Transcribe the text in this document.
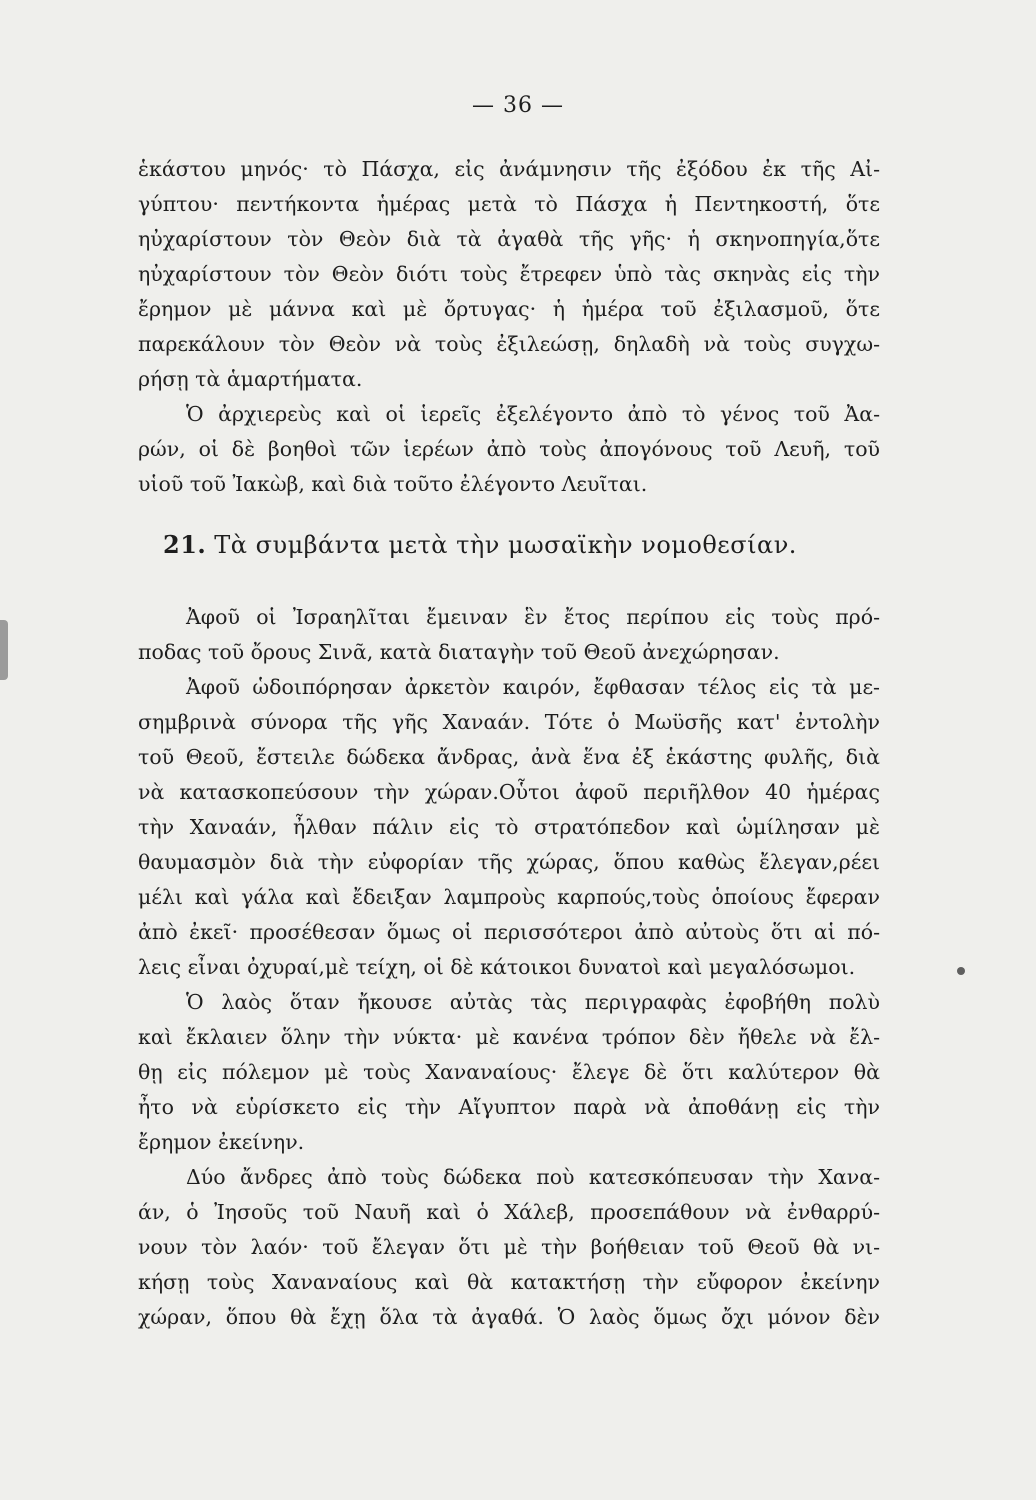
— 36 —
ἑκάστου μηνός· τὸ Πάσχα, εἰς ἀνάμνησιν τῆς ἐξόδου ἐκ τῆς Αἰ-
γύπτου· πεντήκοντα ἡμέρας μετὰ τὸ Πάσχα ἡ Πεντηκοστή, ὅτε
ηὐχαρίστουν τὸν Θεὸν διὰ τὰ ἀγαθὰ τῆς γῆς· ἡ σκηνοπηγία,ὅτε
ηὐχαρίστουν τὸν Θεὸν διότι τοὺς ἔτρεφεν ὑπὸ τὰς σκηνὰς εἰς τὴν
ἔρημον μὲ μάννα καὶ μὲ ὄρτυγας· ἡ ἡμέρα τοῦ ἐξιλασμοῦ, ὅτε
παρεκάλουν τὸν Θεὸν νὰ τοὺς ἐξιλεώσῃ, δηλαδὴ νὰ τοὺς συγχω-
ρήσῃ τὰ ἁμαρτήματα.
Ὁ ἀρχιερεὺς καὶ οἱ ἱερεῖς ἐξελέγοντο ἀπὸ τὸ γένος τοῦ Ἀα-
ρών, οἱ δὲ βοηθοὶ τῶν ἱερέων ἀπὸ τοὺς ἀπογόνους τοῦ Λευῆ, τοῦ
υἱοῦ τοῦ Ἰακὼβ, καὶ διὰ τοῦτο ἐλέγοντο Λευῖται.
21. Τὰ συμβάντα μετὰ τὴν μωσαϊκὴν νομοθεσίαν.
Ἀφοῦ οἱ Ἰσραηλῖται ἔμειναν ἓν ἔτος περίπου εἰς τοὺς πρό-
ποδας τοῦ ὄρους Σινᾶ, κατὰ διαταγὴν τοῦ Θεοῦ ἀνεχώρησαν.
Ἀφοῦ ὡδοιπόρησαν ἀρκετὸν καιρόν, ἔφθασαν τέλος εἰς τὰ με-
σημβρινὰ σύνορα τῆς γῆς Χαναάν. Τότε ὁ Μωϋσῆς κατ' ἐντολὴν
τοῦ Θεοῦ, ἔστειλε δώδεκα ἄνδρας, ἀνὰ ἕνα ἐξ ἑκάστης φυλῆς, διὰ
νὰ κατασκοπεύσουν τὴν χώραν.Οὗτοι ἀφοῦ περιῆλθον 40 ἡμέρας
τὴν Χαναάν, ἦλθαν πάλιν εἰς τὸ στρατόπεδον καὶ ὡμίλησαν μὲ
θαυμασμὸν διὰ τὴν εὐφορίαν τῆς χώρας, ὅπου καθὼς ἔλεγαν,ρέει
μέλι καὶ γάλα καὶ ἔδειξαν λαμπροὺς καρπούς,τοὺς ὁποίους ἔφεραν
ἀπὸ ἐκεῖ· προσέθεσαν ὅμως οἱ περισσότεροι ἀπὸ αὐτοὺς ὅτι αἱ πό-
λεις εἶναι ὀχυραί,μὲ τείχη, οἱ δὲ κάτοικοι δυνατοὶ καὶ μεγαλόσωμοι.
Ὁ λαὸς ὅταν ἤκουσε αὐτὰς τὰς περιγραφὰς ἐφοβήθη πολὺ
καὶ ἔκλαιεν ὅλην τὴν νύκτα· μὲ κανένα τρόπον δὲν ἤθελε νὰ ἔλ-
θῃ εἰς πόλεμον μὲ τοὺς Χαναναίους· ἔλεγε δὲ ὅτι καλύτερον θὰ
ἦτο νὰ εὑρίσκετο εἰς τὴν Αἴγυπτον παρὰ νὰ ἀποθάνῃ εἰς τὴν
ἔρημον ἐκείνην.
Δύο ἄνδρες ἀπὸ τοὺς δώδεκα ποὺ κατεσκόπευσαν τὴν Χανα-
άν, ὁ Ἰησοῦς τοῦ Ναυῆ καὶ ὁ Χάλεβ, προσεπάθουν νὰ ἐνθαρρύ-
νουν τὸν λαόν· τοῦ ἔλεγαν ὅτι μὲ τὴν βοήθειαν τοῦ Θεοῦ θὰ νι-
κήσῃ τοὺς Χαναναίους καὶ θὰ κατακτήσῃ τὴν εὔφορον ἐκείνην
χώραν, ὅπου θὰ ἔχῃ ὅλα τὰ ἀγαθά. Ὁ λαὸς ὅμως ὄχι μόνον δὲν
